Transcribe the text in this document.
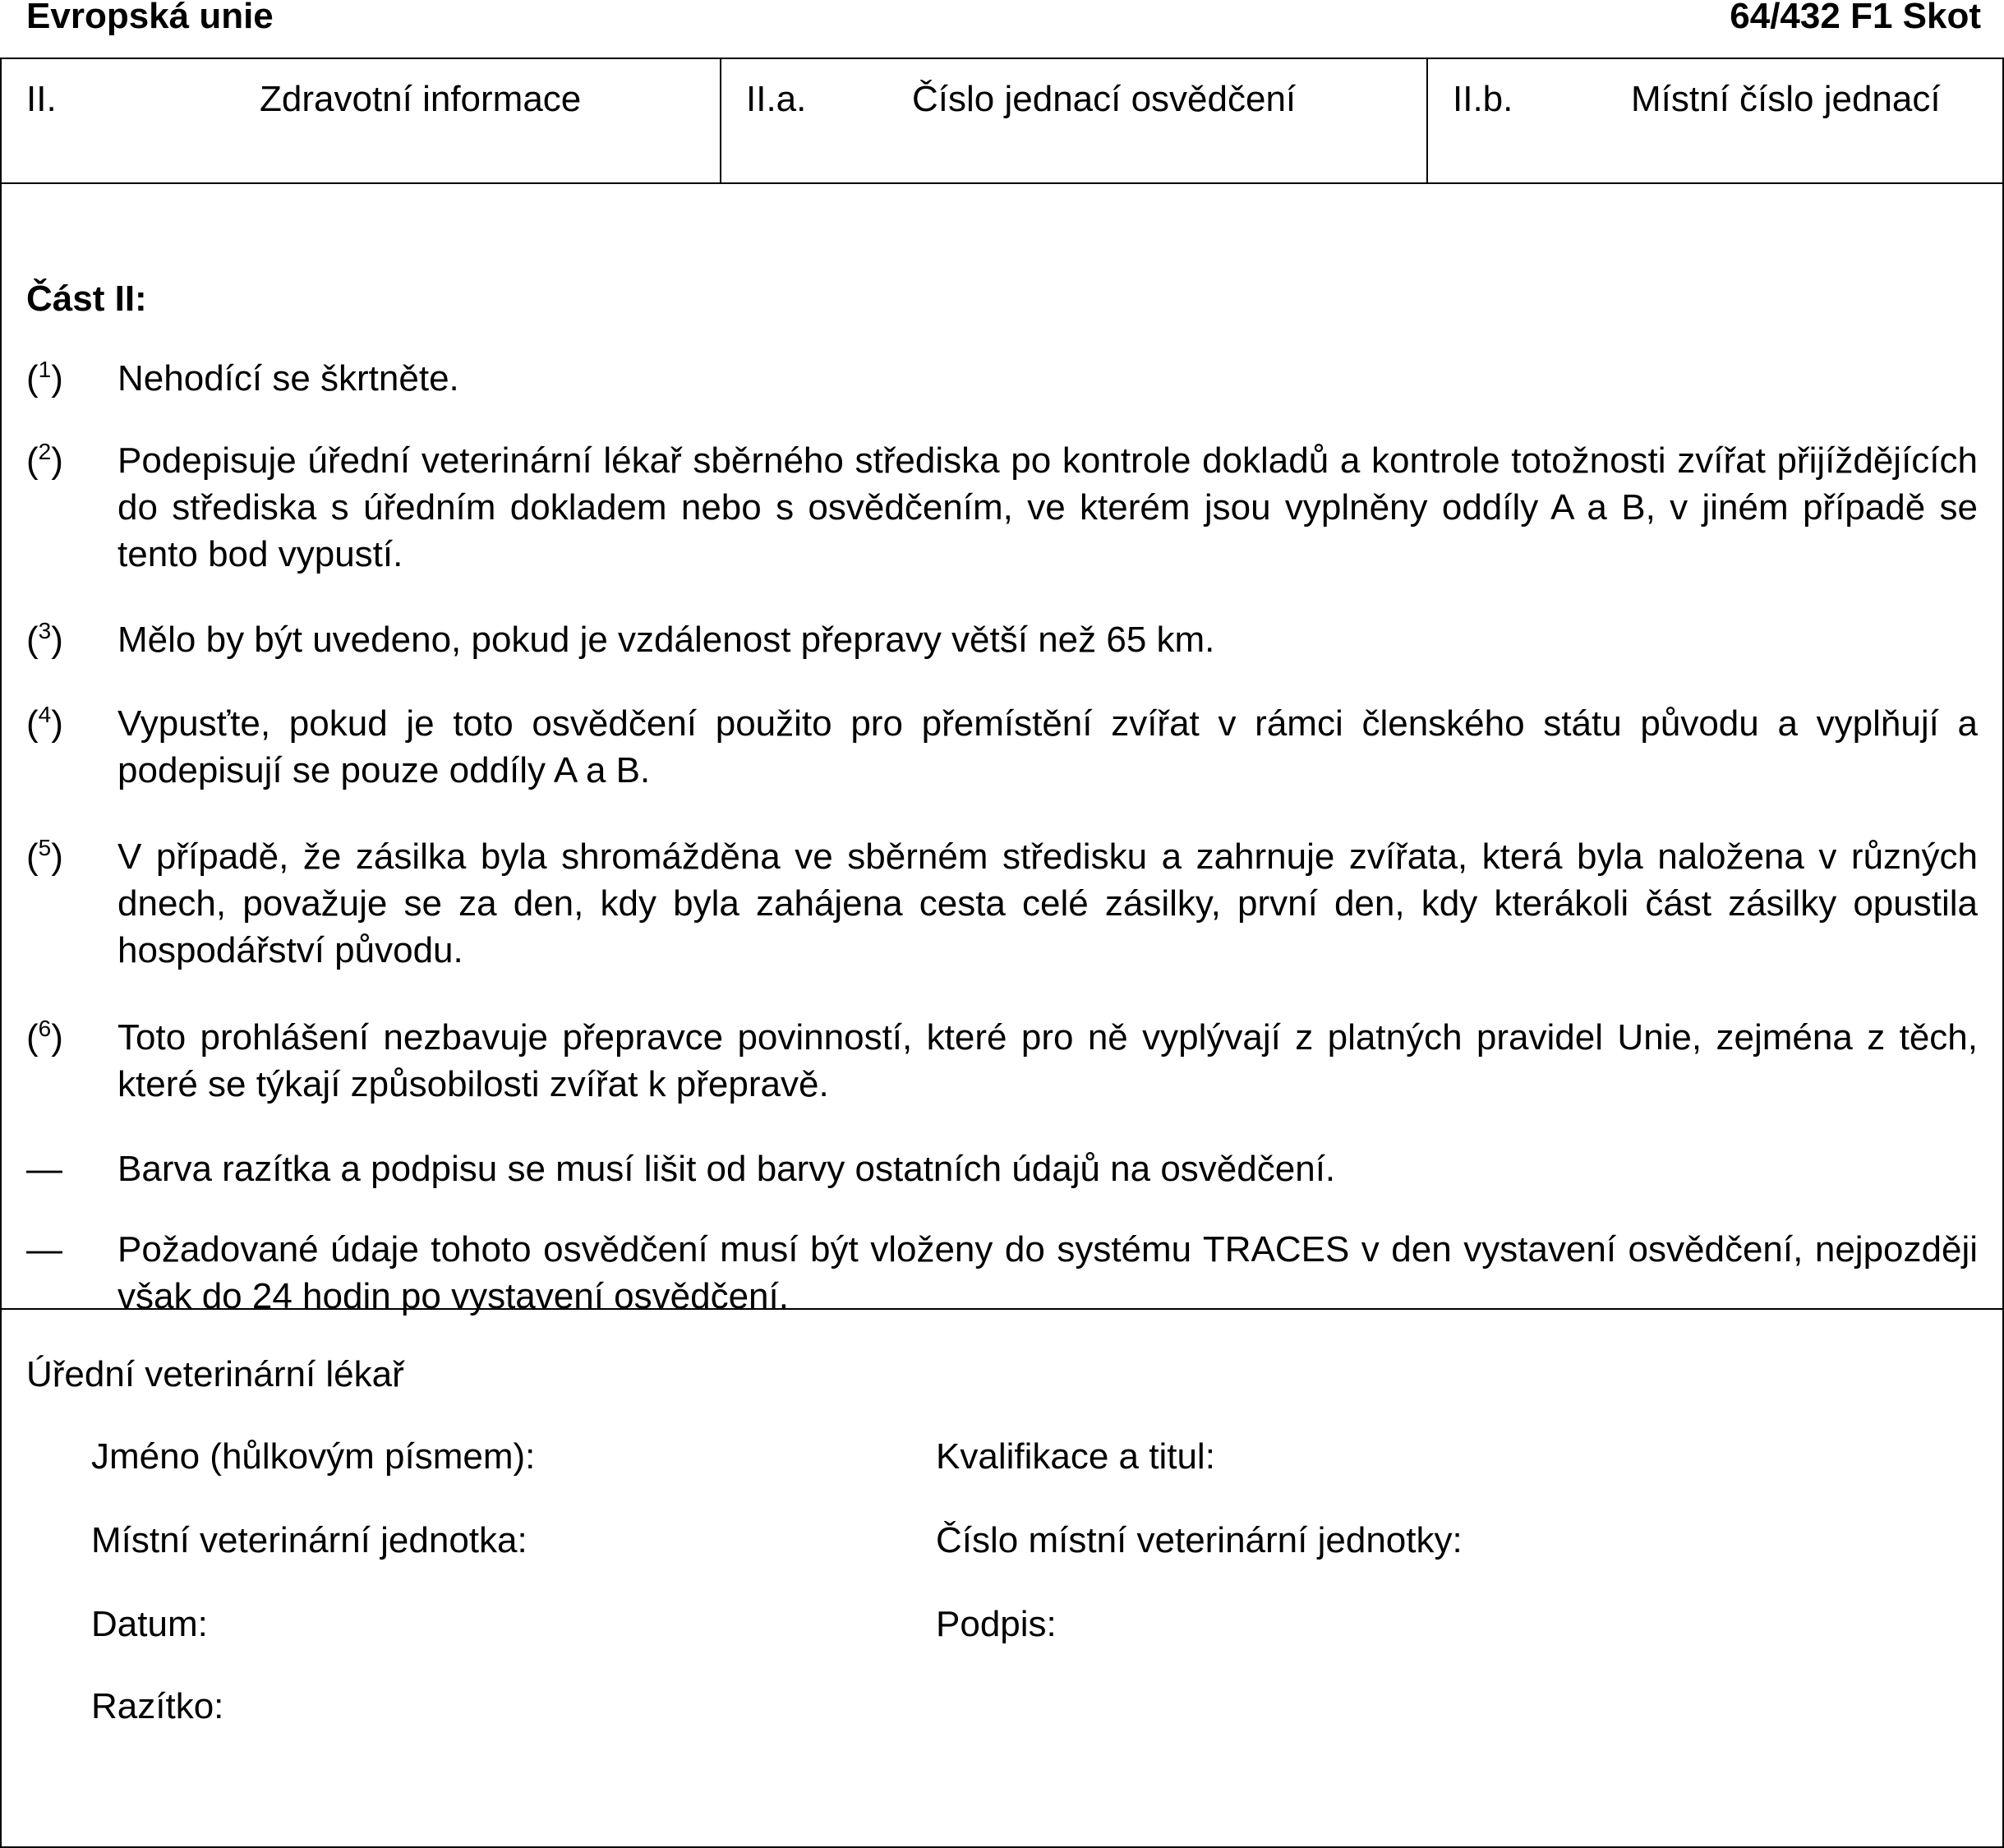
Evropská unie	64/432 F1 Skot
II.	Zdravotní informace	II.a.	Číslo jednací osvědčení	II.b.	Místní číslo jednací
Část II:
($^1$)	Nehodící se škrtněte.
($^2$)	Podepisuje úřední veterinární lékař sběrného střediska po kontrole dokladů a kontrole totožnosti zvířat přijíždějících do střediska s úředním dokladem nebo s osvědčením, ve kterém jsou vyplněny oddíly A a B, v jiném případě se tento bod vypustí.
($^3$)	Mělo by být uvedeno, pokud je vzdálenost přepravy větší než 65 km.
($^4$)	Vypusťte, pokud je toto osvědčení použito pro přemístění zvířat v rámci členského státu původu a vyplňují a podepisují se pouze oddíly A a B.
($^5$)	V případě, že zásilka byla shromážděna ve sběrném středisku a zahrnuje zvířata, která byla naložena v různých dnech, považuje se za den, kdy byla zahájena cesta celé zásilky, první den, kdy kterákoli část zásilky opustila hospodářství původu.
($^6$)	Toto prohlášení nezbavuje přepravce povinností, které pro ně vyplývají z platných pravidel Unie, zejména z těch, které se týkají způsobilosti zvířat k přepravě.
—	Barva razítka a podpisu se musí lišit od barvy ostatních údajů na osvědčení.
—	Požadované údaje tohoto osvědčení musí být vloženy do systému TRACES v den vystavení osvědčení, nejpozději však do 24 hodin po vystavení osvědčení.
Úřední veterinární lékař
Jméno (hůlkovým písmem):	Kvalifikace a titul:
Místní veterinární jednotka:	Číslo místní veterinární jednotky:
Datum:	Podpis:
Razítko:
